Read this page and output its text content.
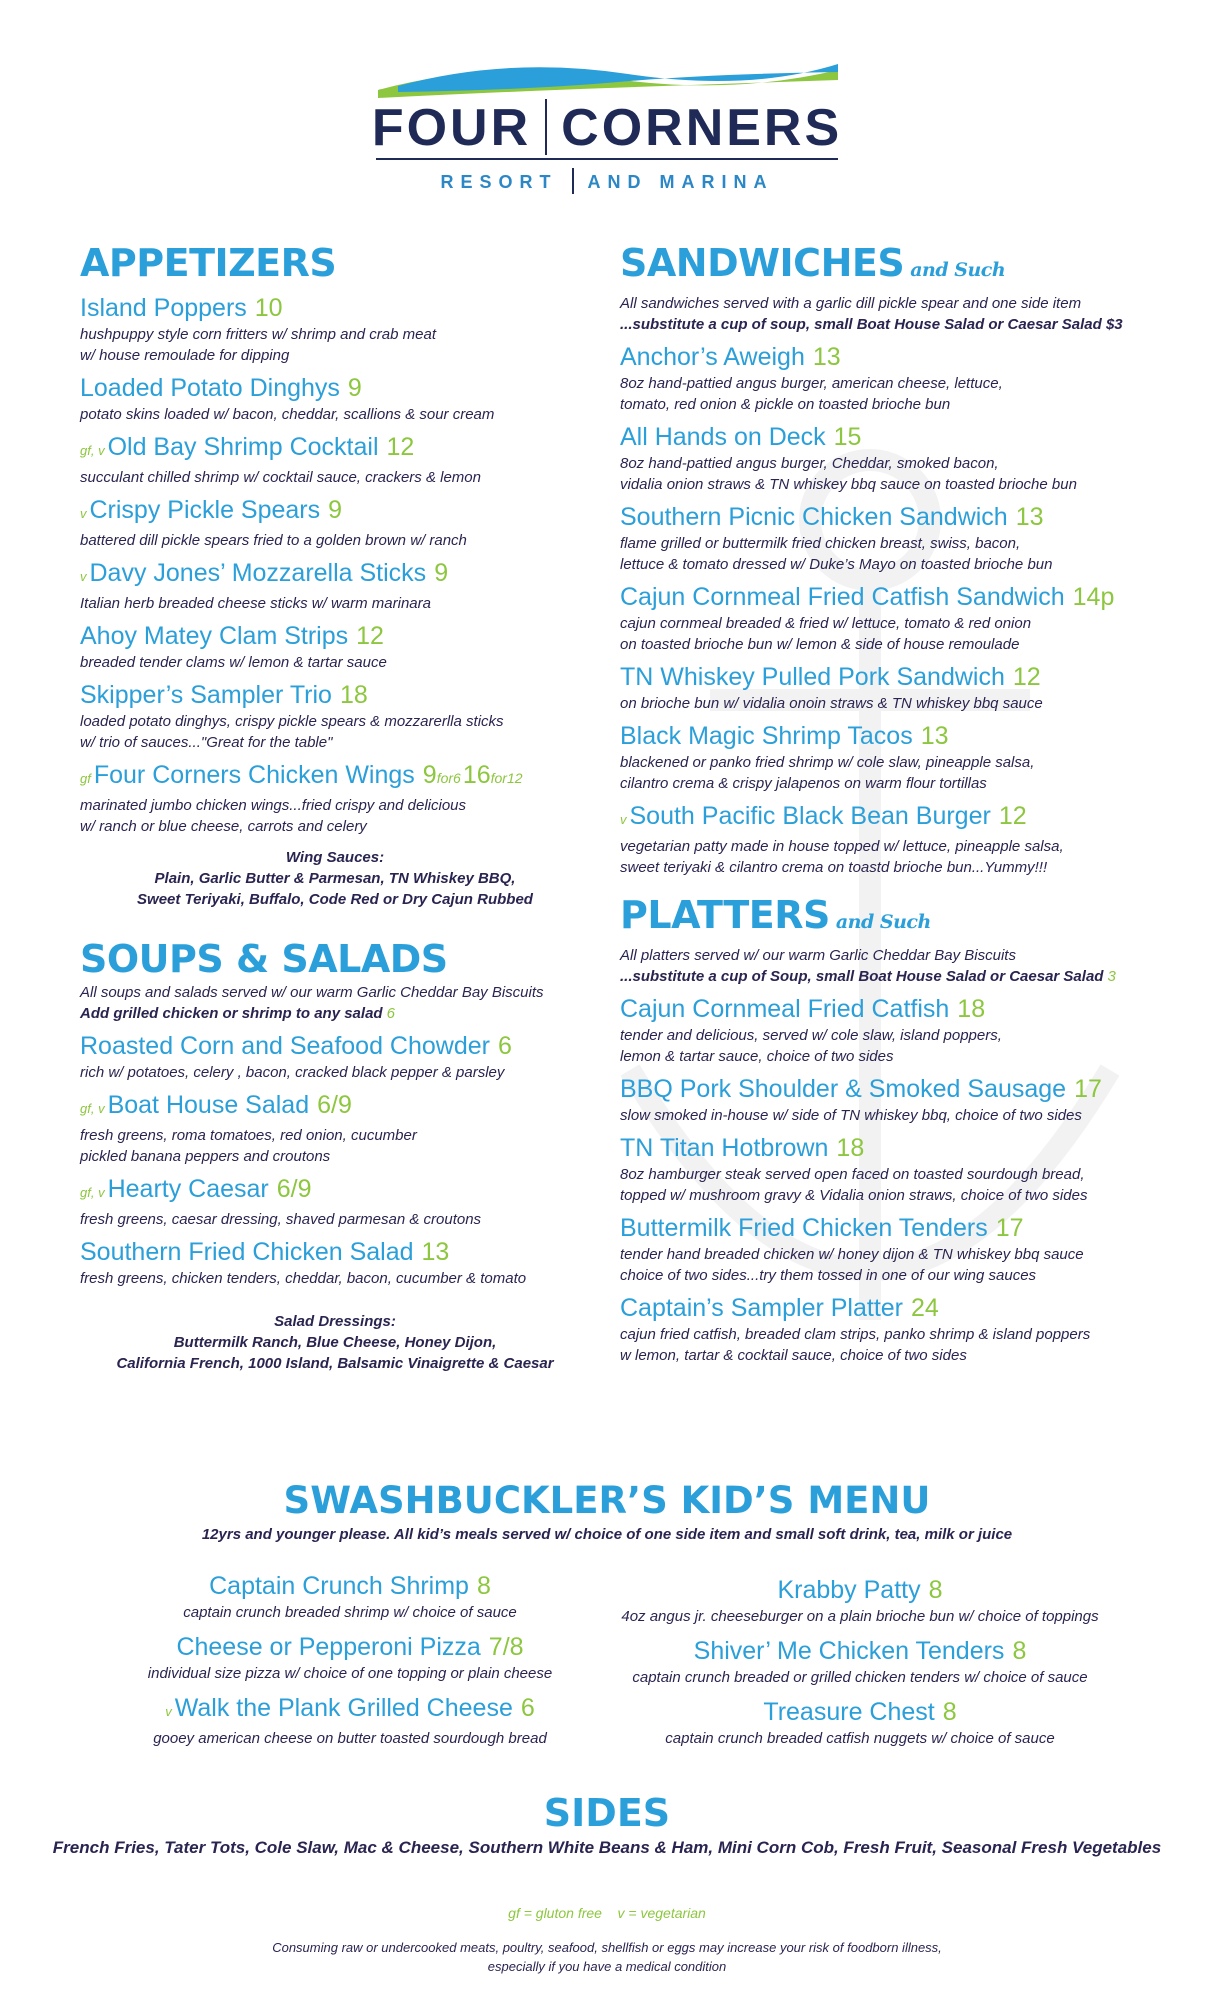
FOUR CORNERS
RESORT AND MARINA
APPETIZERS
Island Poppers 10
hushpuppy style corn fritters w/ shrimp and crab meat
w/ house remoulade for dipping
Loaded Potato Dinghys 9
potato skins loaded w/ bacon, cheddar, scallions & sour cream
gf, v Old Bay Shrimp Cocktail 12
succulant chilled shrimp w/ cocktail sauce, crackers & lemon
v Crispy Pickle Spears 9
battered dill pickle spears fried to a golden brown w/ ranch
v Davy Jones’ Mozzarella Sticks 9
Italian herb breaded cheese sticks w/ warm marinara
Ahoy Matey Clam Strips 12
breaded tender clams w/ lemon & tartar sauce
Skipper’s Sampler Trio 18
loaded potato dinghys, crispy pickle spears & mozzarerlla sticks
w/ trio of sauces..."Great for the table"
gf Four Corners Chicken Wings 9for616for12
marinated jumbo chicken wings...fried crispy and delicious
w/ ranch or blue cheese, carrots and celery
Wing Sauces:
Plain, Garlic Butter & Parmesan, TN Whiskey BBQ,
Sweet Teriyaki, Buffalo, Code Red or Dry Cajun Rubbed
SOUPS & SALADS
All soups and salads served w/ our warm Garlic Cheddar Bay Biscuits
Add grilled chicken or shrimp to any salad 6
Roasted Corn and Seafood Chowder 6
rich w/ potatoes, celery , bacon, cracked black pepper & parsley
gf, v Boat House Salad 6/9
fresh greens, roma tomatoes, red onion, cucumber
pickled banana peppers and croutons
gf, v Hearty Caesar 6/9
fresh greens, caesar dressing, shaved parmesan & croutons
Southern Fried Chicken Salad 13
fresh greens, chicken tenders, cheddar, bacon, cucumber & tomato
Salad Dressings:
Buttermilk Ranch, Blue Cheese, Honey Dijon,
California French, 1000 Island, Balsamic Vinaigrette & Caesar
SANDWICHES and Such
All sandwiches served with a garlic dill pickle spear and one side item
...substitute a cup of soup, small Boat House Salad or Caesar Salad $3
Anchor’s Aweigh 13
8oz hand-pattied angus burger, american cheese, lettuce,
tomato, red onion & pickle on toasted brioche bun
All Hands on Deck 15
8oz hand-pattied angus burger, Cheddar, smoked bacon,
vidalia onion straws & TN whiskey bbq sauce on toasted brioche bun
Southern Picnic Chicken Sandwich 13
flame grilled or buttermilk fried chicken breast, swiss, bacon,
lettuce & tomato dressed w/ Duke’s Mayo on toasted brioche bun
Cajun Cornmeal Fried Catfish Sandwich 14p
cajun cornmeal breaded & fried w/ lettuce, tomato & red onion
on toasted brioche bun w/ lemon & side of house remoulade
TN Whiskey Pulled Pork Sandwich 12
on brioche bun w/ vidalia onoin straws & TN whiskey bbq sauce
Black Magic Shrimp Tacos 13
blackened or panko fried shrimp w/ cole slaw, pineapple salsa,
cilantro crema & crispy jalapenos on warm flour tortillas
v South Pacific Black Bean Burger 12
vegetarian patty made in house topped w/ lettuce, pineapple salsa,
sweet teriyaki & cilantro crema on toastd brioche bun...Yummy!!!
PLATTERS and Such
All platters served w/ our warm Garlic Cheddar Bay Biscuits
...substitute a cup of Soup, small Boat House Salad or Caesar Salad 3
Cajun Cornmeal Fried Catfish 18
tender and delicious, served w/ cole slaw, island poppers,
lemon & tartar sauce, choice of two sides
BBQ Pork Shoulder & Smoked Sausage 17
slow smoked in-house w/ side of TN whiskey bbq, choice of two sides
TN Titan Hotbrown 18
8oz hamburger steak served open faced on toasted sourdough bread,
topped w/ mushroom gravy & Vidalia onion straws, choice of two sides
Buttermilk Fried Chicken Tenders 17
tender hand breaded chicken w/ honey dijon & TN whiskey bbq sauce
choice of two sides...try them tossed in one of our wing sauces
Captain’s Sampler Platter 24
cajun fried catfish, breaded clam strips, panko shrimp & island poppers
w lemon, tartar & cocktail sauce, choice of two sides
SWASHBUCKLER’S KID’S MENU
12yrs and younger please. All kid’s meals served w/ choice of one side item and small soft drink, tea, milk or juice
Captain Crunch Shrimp 8
captain crunch breaded shrimp w/ choice of sauce
Cheese or Pepperoni Pizza 7/8
individual size pizza w/ choice of one topping or plain cheese
v Walk the Plank Grilled Cheese 6
gooey american cheese on butter toasted sourdough bread
Krabby Patty 8
4oz angus jr. cheeseburger on a plain brioche bun w/ choice of toppings
Shiver’ Me Chicken Tenders 8
captain crunch breaded or grilled chicken tenders w/ choice of sauce
Treasure Chest 8
captain crunch breaded catfish nuggets w/ choice of sauce
SIDES
French Fries, Tater Tots, Cole Slaw, Mac & Cheese, Southern White Beans & Ham, Mini Corn Cob, Fresh Fruit, Seasonal Fresh Vegetables
gf = gluton free    v = vegetarian
Consuming raw or undercooked meats, poultry, seafood, shellfish or eggs may increase your risk of foodborn illness,
especially if you have a medical condition
